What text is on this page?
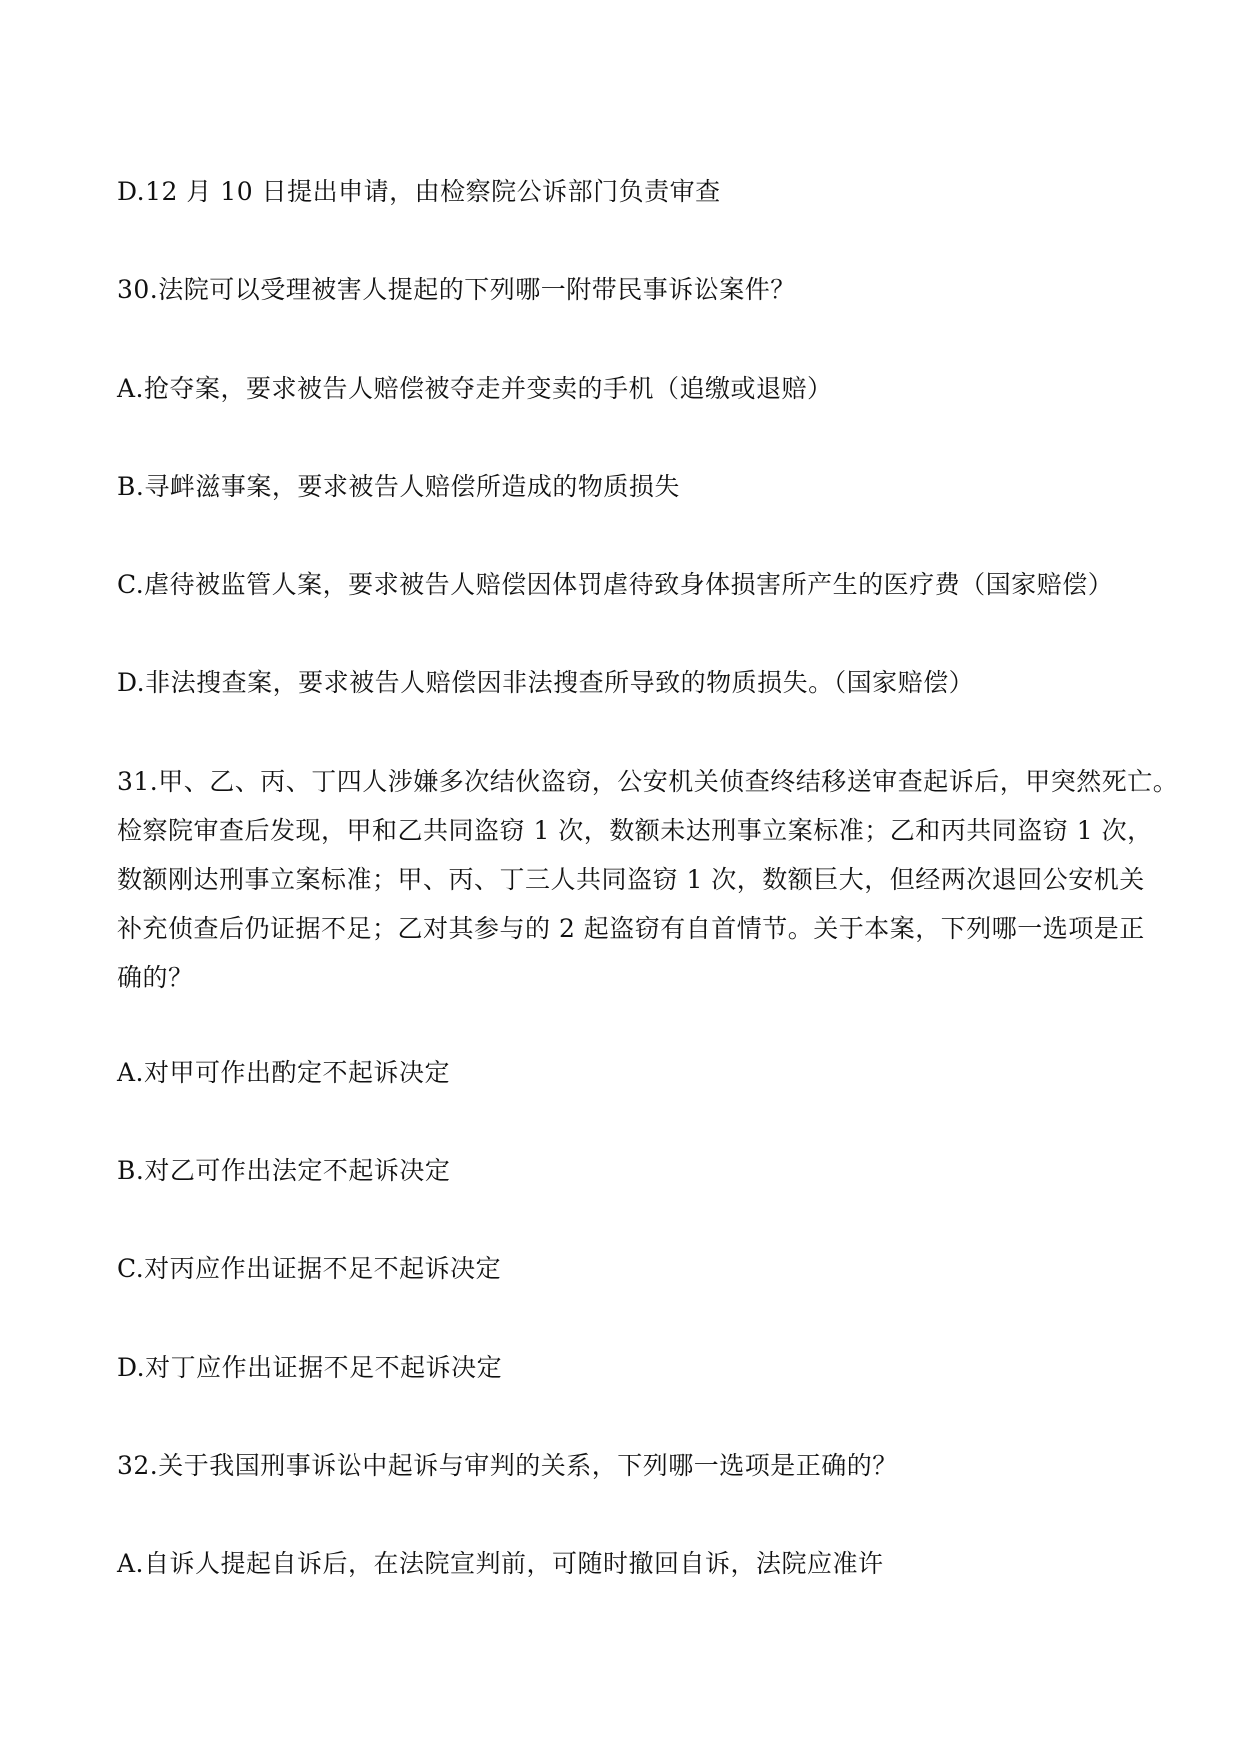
D.12 月 10 日提出申请，由检察院公诉部门负责审查

30.法院可以受理被害人提起的下列哪一附带民事诉讼案件？

A.抢夺案，要求被告人赔偿被夺走并变卖的手机（追缴或退赔）

B.寻衅滋事案，要求被告人赔偿所造成的物质损失

C.虐待被监管人案，要求被告人赔偿因体罚虐待致身体损害所产生的医疗费（国家赔偿）

D.非法搜查案，要求被告人赔偿因非法搜查所导致的物质损失。（国家赔偿）

31.甲、乙、丙、丁四人涉嫌多次结伙盗窃，公安机关侦查终结移送审查起诉后，甲突然死亡。
检察院审查后发现，甲和乙共同盗窃 1 次，数额未达刑事立案标准；乙和丙共同盗窃 1 次，
数额刚达刑事立案标准；甲、丙、丁三人共同盗窃 1 次，数额巨大，但经两次退回公安机关
补充侦查后仍证据不足；乙对其参与的 2 起盗窃有自首情节。关于本案，下列哪一选项是正
确的？

A.对甲可作出酌定不起诉决定

B.对乙可作出法定不起诉决定

C.对丙应作出证据不足不起诉决定

D.对丁应作出证据不足不起诉决定

32.关于我国刑事诉讼中起诉与审判的关系，下列哪一选项是正确的？

A.自诉人提起自诉后，在法院宣判前，可随时撤回自诉，法院应准许
